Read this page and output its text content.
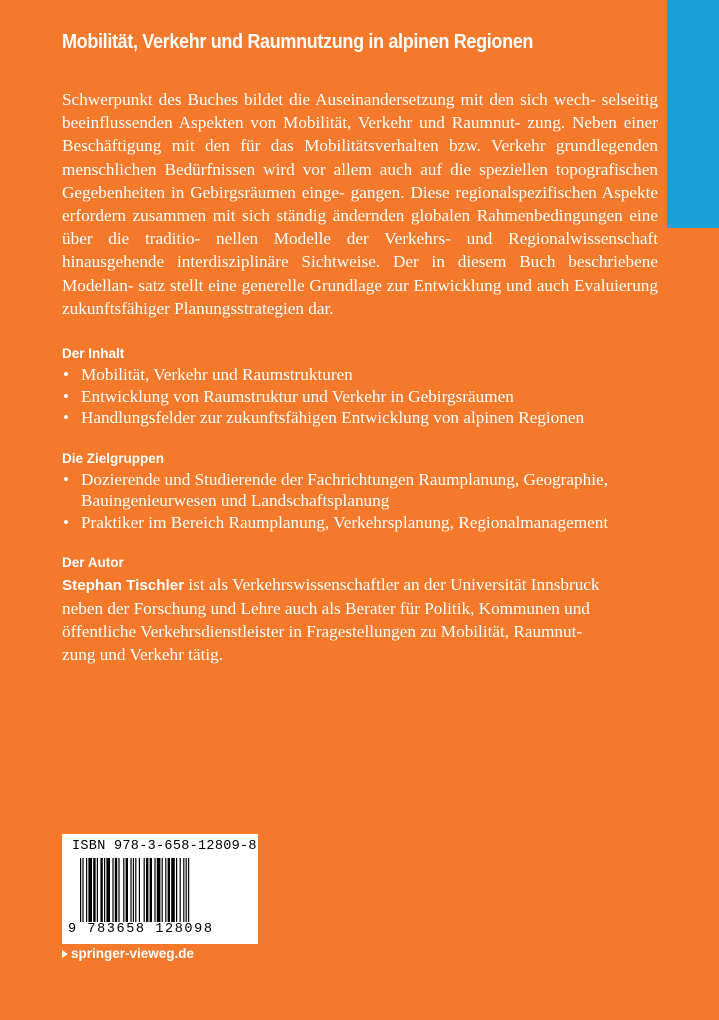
Mobilität, Verkehr und Raumnutzung in alpinen Regionen

Schwerpunkt des Buches bildet die Auseinandersetzung mit den sich wech- selseitig beeinflussenden Aspekten von Mobilität, Verkehr und Raumnut- zung. Neben einer Beschäftigung mit den für das Mobilitätsverhalten bzw. Verkehr grundlegenden menschlichen Bedürfnissen wird vor allem auch auf die speziellen topografischen Gegebenheiten in Gebirgsräumen einge- gangen. Diese regionalspezifischen Aspekte erfordern zusammen mit sich ständig ändernden globalen Rahmenbedingungen eine über die traditio- nellen Modelle der Verkehrs- und Regionalwissenschaft hinausgehende interdisziplinäre Sichtweise. Der in diesem Buch beschriebene Modellan- satz stellt eine generelle Grundlage zur Entwicklung und auch Evaluierung zukunftsfähiger Planungsstrategien dar.

Der Inhalt
• Mobilität, Verkehr und Raumstrukturen
• Entwicklung von Raumstruktur und Verkehr in Gebirgsräumen
• Handlungsfelder zur zukunftsfähigen Entwicklung von alpinen Regionen
Die Zielgruppen
• Dozierende und Studierende der Fachrichtungen Raumplanung, Geographie, Bauingenieurwesen und Landschaftsplanung
• Praktiker im Bereich Raumplanung, Verkehrsplanung, Regionalmanagement
Der Autor

Stephan Tischler ist als Verkehrswissenschaftler an der Universität Innsbruck
neben der Forschung und Lehre auch als Berater für Politik, Kommunen und
öffentliche Verkehrsdienstleister in Fragestellungen zu Mobilität, Raumnut-
zung und Verkehr tätig.

ISBN 978-3-658-12809-8
9 783658 128098
springer-vieweg.de
